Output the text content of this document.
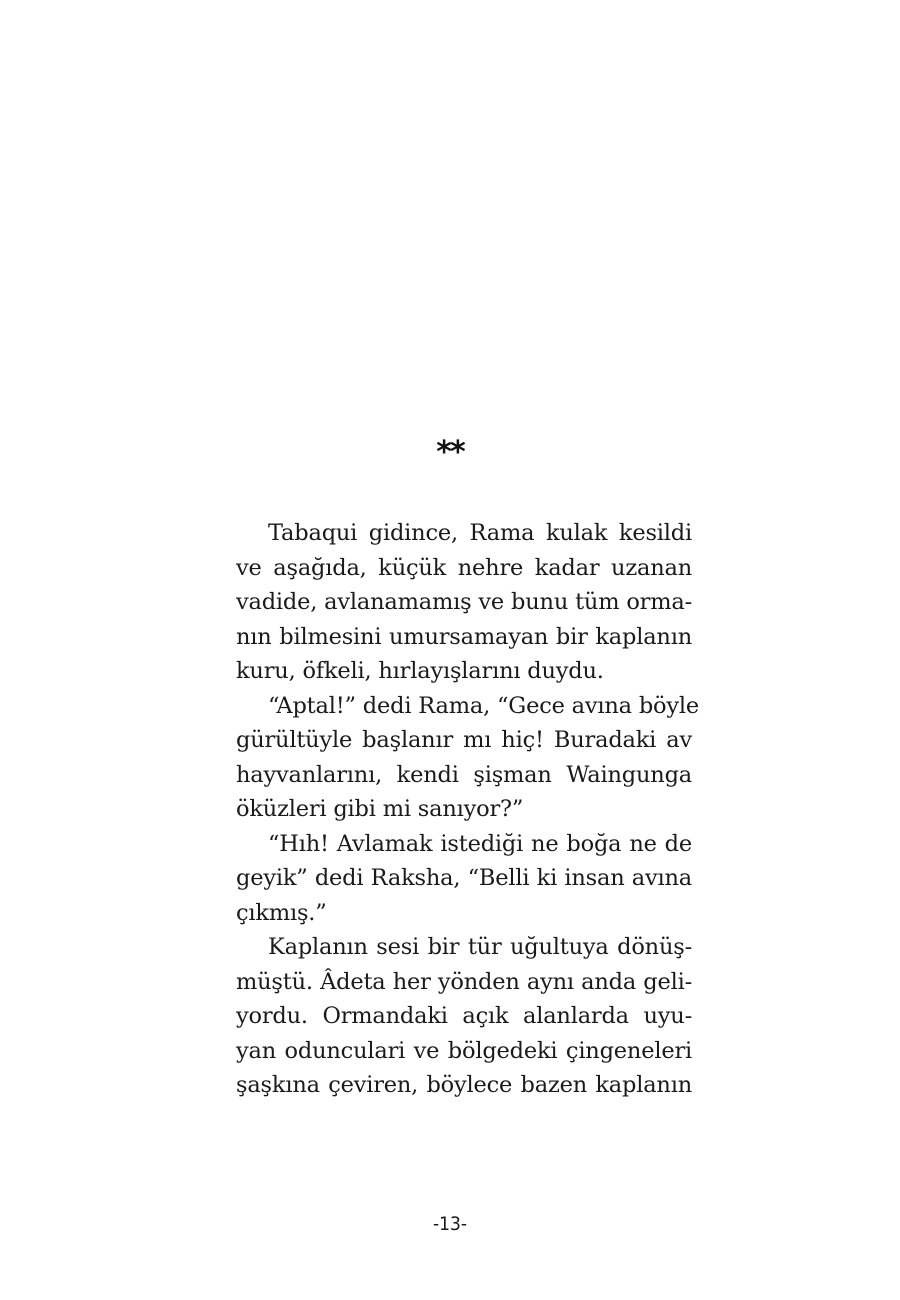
**
Tabaqui gidince, Rama kulak kesildi
ve aşağıda, küçük nehre kadar uzanan
vadide, avlanamamış ve bunu tüm orma-
nın bilmesini umursamayan bir kaplanın
kuru, öfkeli, hırlayışlarını duydu.
“Aptal!” dedi Rama, “Gece avına böyle
gürültüyle başlanır mı hiç! Buradaki av
hayvanlarını, kendi şişman Waingunga
öküzleri gibi mi sanıyor?”
“Hıh! Avlamak istediği ne boğa ne de
geyik” dedi Raksha, “Belli ki insan avına
çıkmış.”
Kaplanın sesi bir tür uğultuya dönüş-
müştü. Âdeta her yönden aynı anda geli-
yordu. Ormandaki açık alanlarda uyu-
yan odunculari ve bölgedeki çingeneleri
şaşkına çeviren, böylece bazen kaplanın
-13-
